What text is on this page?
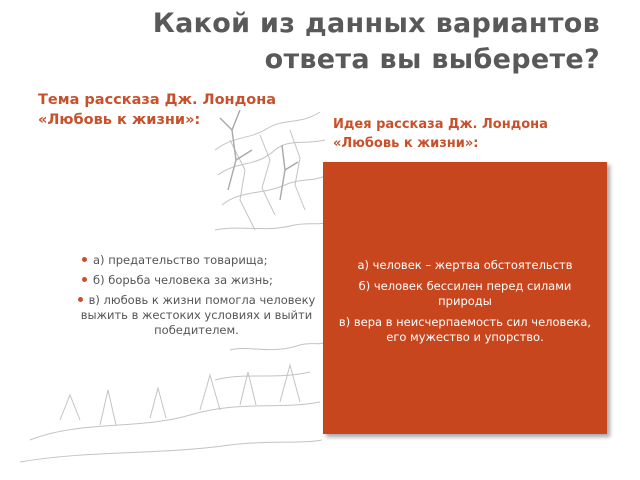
Какой из данных вариантов
ответа вы выберете?
Тема рассказа Дж. Лондона «Любовь к жизни»:	Идея рассказа Дж. Лондона «Любовь к жизни»:
а) предательство товарища;
б) борьба человека за жизнь;
в) любовь к жизни помогла человеку выжить в жестоких условиях и выйти победителем.
а) человек – жертва обстоятельств
б) человек бессилен перед силами природы
в) вера в неисчерпаемость сил человека, его мужество и упорство.
